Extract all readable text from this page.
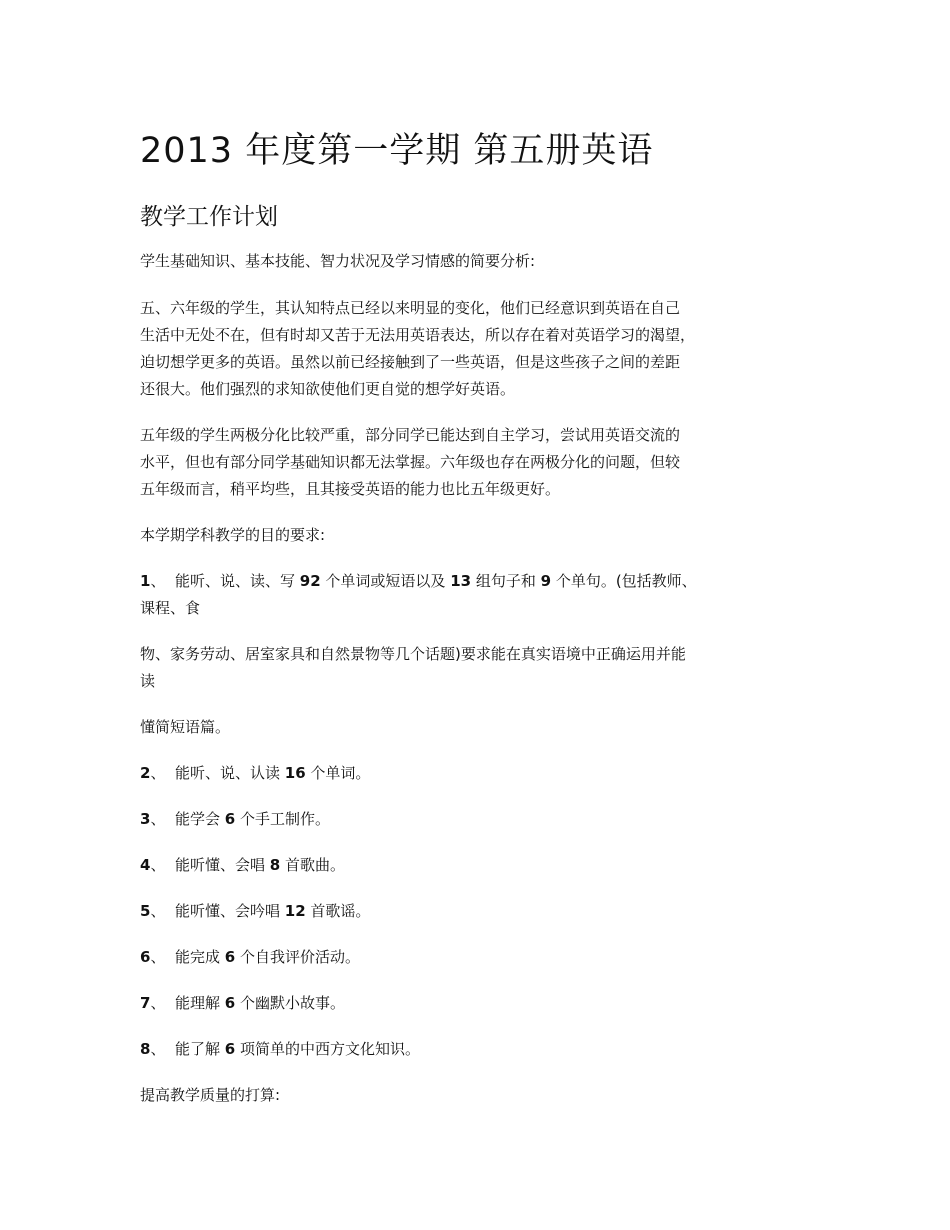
2013 年度第一学期 第五册英语
教学工作计划

学生基础知识、基本技能、智力状况及学习情感的简要分析:

五、六年级的学生，其认知特点已经以来明显的变化，他们已经意识到英语在自己

生活中无处不在，但有时却又苦于无法用英语表达，所以存在着对英语学习的渴望，

迫切想学更多的英语。虽然以前已经接触到了一些英语，但是这些孩子之间的差距

还很大。他们强烈的求知欲使他们更自觉的想学好英语。

五年级的学生两极分化比较严重，部分同学已能达到自主学习，尝试用英语交流的

水平，但也有部分同学基础知识都无法掌握。六年级也存在两极分化的问题，但较

五年级而言，稍平均些，且其接受英语的能力也比五年级更好。

本学期学科教学的目的要求:

1、 能听、说、读、写 92 个单词或短语以及 13 组句子和 9 个单句。(包括教师、

课程、食

物、家务劳动、居室家具和自然景物等几个话题)要求能在真实语境中正确运用并能

读

懂简短语篇。

2、 能听、说、认读 16 个单词。

3、 能学会 6 个手工制作。

4、 能听懂、会唱 8 首歌曲。

5、 能听懂、会吟唱 12 首歌谣。

6、 能完成 6 个自我评价活动。

7、 能理解 6 个幽默小故事。

8、 能了解 6 项简单的中西方文化知识。

提高教学质量的打算:
